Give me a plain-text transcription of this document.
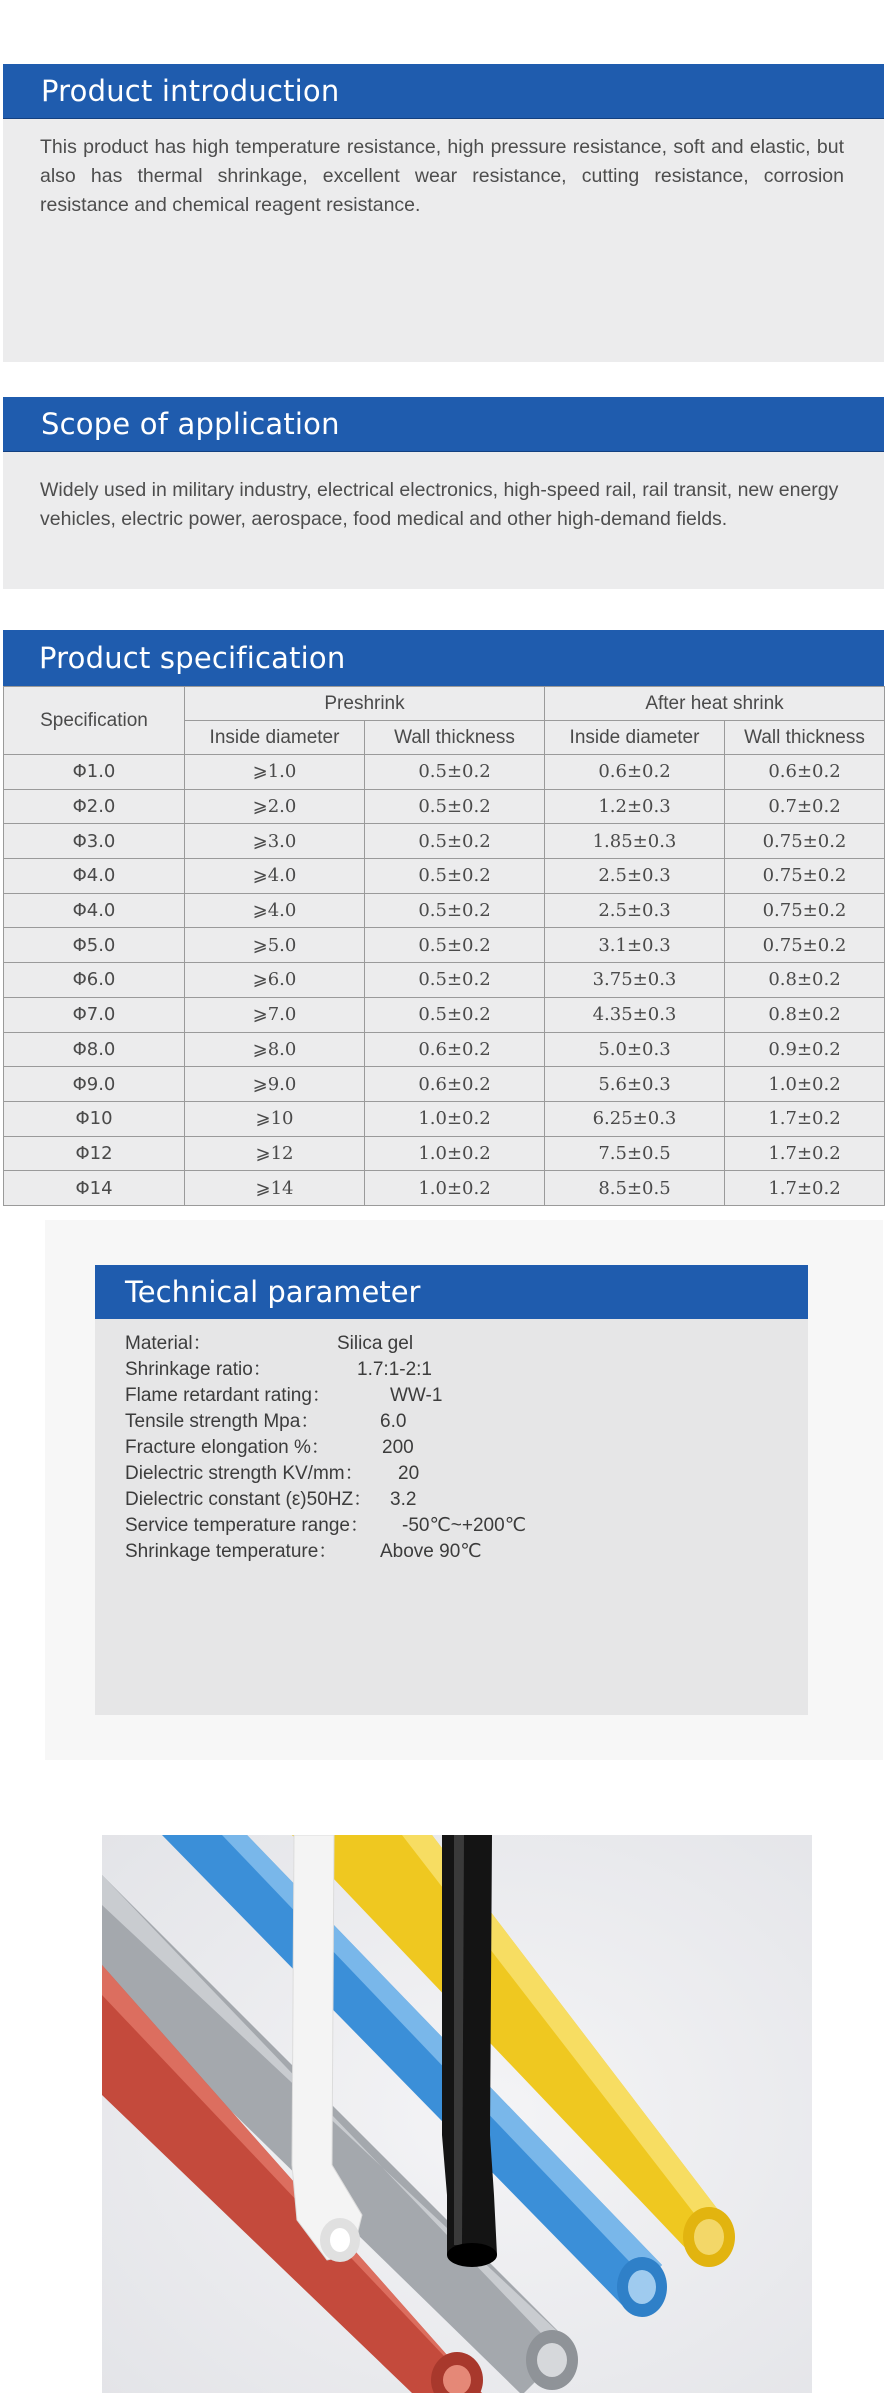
Product introduction
This product has high temperature resistance, high pressure resistance, soft and elastic, but also has thermal shrinkage, excellent wear resistance, cutting resistance, corrosion resistance and chemical reagent resistance.
Scope of application
Widely used in military industry, electrical electronics, high-speed rail, rail transit, new energy vehicles, electric power, aerospace, food medical and other high-demand fields.
Product specification
Specification	Preshrink		After heat shrink	
	Inside diameter	Wall thickness	Inside diameter	Wall thickness
Φ1.0	⩾1.0	0.5±0.2	0.6±0.2	0.6±0.2
Φ2.0	⩾2.0	0.5±0.2	1.2±0.3	0.7±0.2
Φ3.0	⩾3.0	0.5±0.2	1.85±0.3	0.75±0.2
Φ4.0	⩾4.0	0.5±0.2	2.5±0.3	0.75±0.2
Φ4.0	⩾4.0	0.5±0.2	2.5±0.3	0.75±0.2
Φ5.0	⩾5.0	0.5±0.2	3.1±0.3	0.75±0.2
Φ6.0	⩾6.0	0.5±0.2	3.75±0.3	0.8±0.2
Φ7.0	⩾7.0	0.5±0.2	4.35±0.3	0.8±0.2
Φ8.0	⩾8.0	0.6±0.2	5.0±0.3	0.9±0.2
Φ9.0	⩾9.0	0.6±0.2	5.6±0.3	1.0±0.2
Φ10	⩾10	1.0±0.2	6.25±0.3	1.7±0.2
Φ12	⩾12	1.0±0.2	7.5±0.5	1.7±0.2
Φ14	⩾14	1.0±0.2	8.5±0.5	1.7±0.2
Technical parameter
Material：	Silica gel
Shrinkage ratio：	1.7:1-2:1
Flame retardant rating：	WW-1
Tensile strength Mpa：	6.0
Fracture elongation %：	200
Dielectric strength KV/mm： 20
Dielectric constant (ε)50HZ： 3.2
Service temperature range： -50℃~+200℃
Shrinkage temperature： Above 90℃
